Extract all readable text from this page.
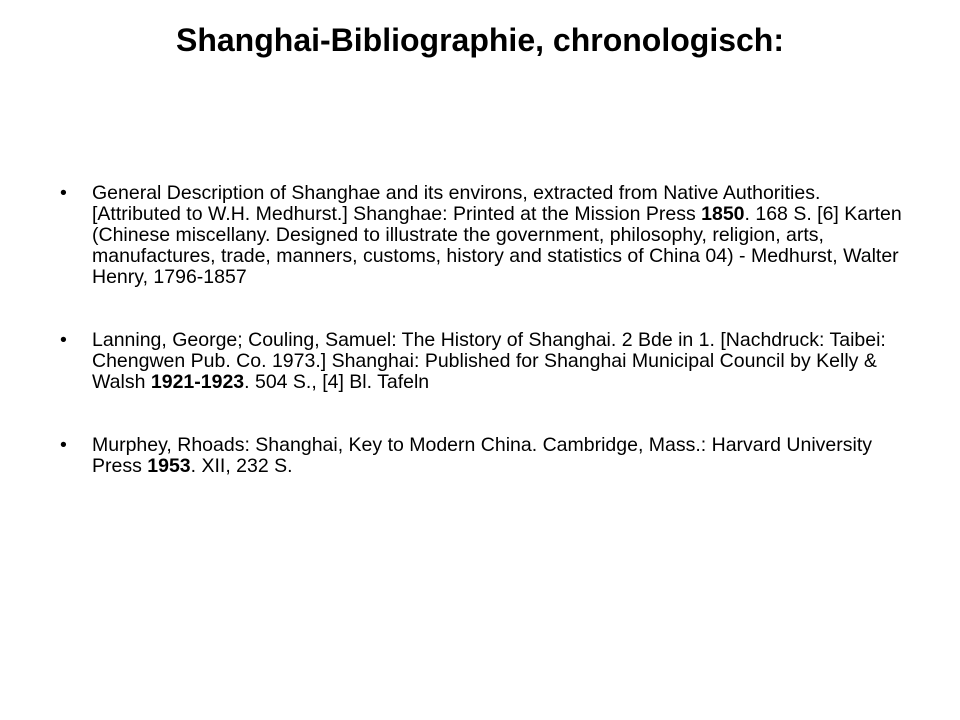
Shanghai-Bibliographie, chronologisch:
• General Description of Shanghae and its environs, extracted from Native Authorities. [Attributed to W.H. Medhurst.] Shanghae: Printed at the Mission Press 1850. 168 S. [6] Karten (Chinese miscellany. Designed to illustrate the government, philosophy, religion, arts, manufactures, trade, manners, customs, history and statistics of China 04) - Medhurst, Walter Henry, 1796-1857
• Lanning, George; Couling, Samuel: The History of Shanghai. 2 Bde in 1. [Nachdruck: Taibei: Chengwen Pub. Co. 1973.] Shanghai: Published for Shanghai Municipal Council by Kelly & Walsh 1921-1923. 504 S., [4] Bl. Tafeln
• Murphey, Rhoads: Shanghai, Key to Modern China. Cambridge, Mass.: Harvard University Press 1953. XII, 232 S.
